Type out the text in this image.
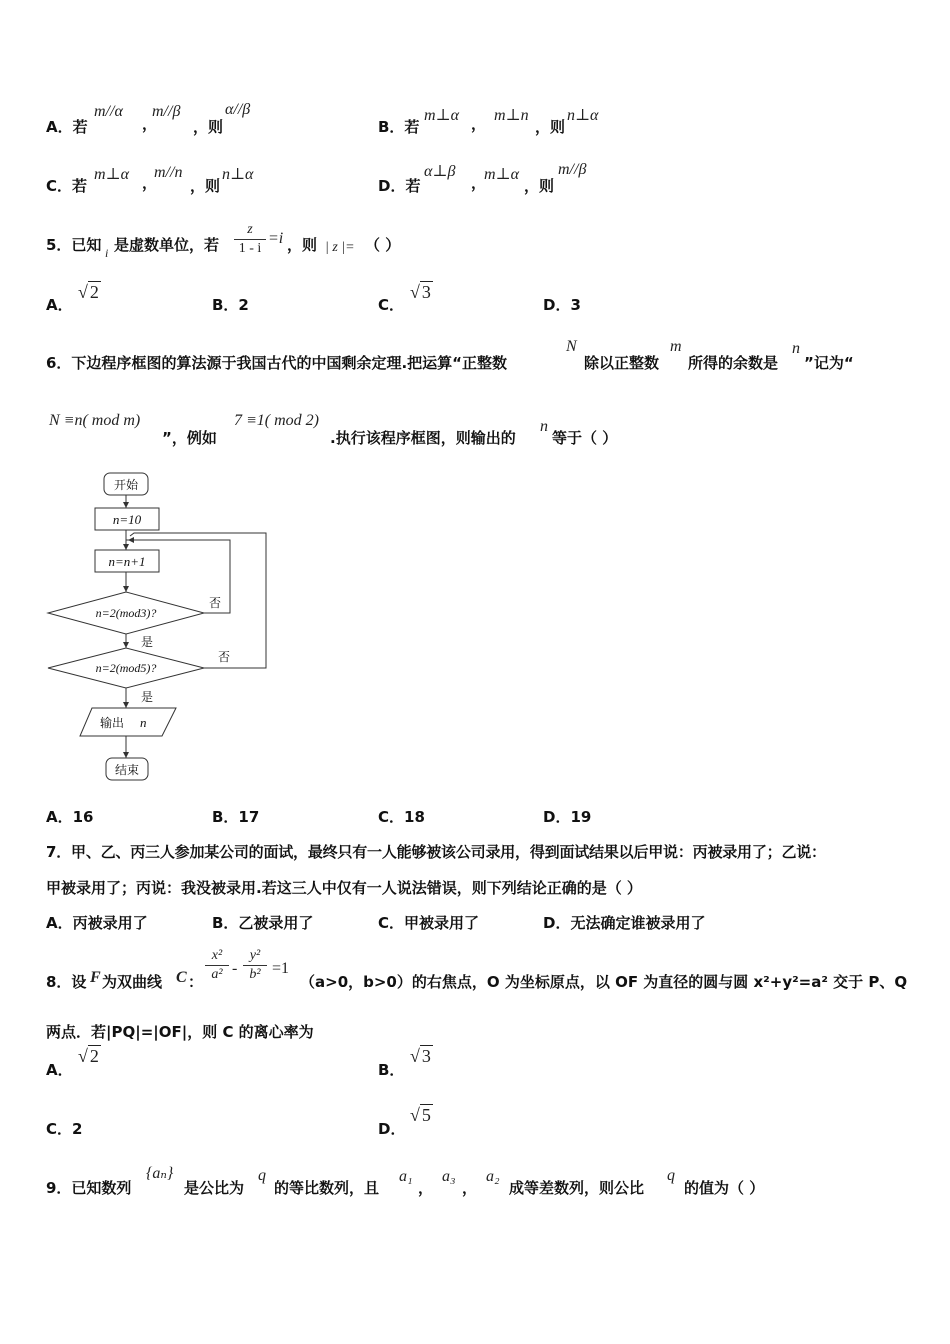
A．若
m//α
，
m//β
，则
α//β
B．若
m⊥α ， m⊥n
，则
n⊥α
C．若
m⊥α ，
m//n
，则
n⊥α
D．若
α⊥β
，
m⊥α
，则
m//β
5．已知 i 是虚数单位，若
z
1 - i
=i ，则 | z |= （ ）
A．
√ 2
B．2	C．
√ 3
D．3
6．下边程序框图的算法源于我国古代的中国剩余定理.把运算“正整数
N
除以正整数
m
所得的余数是
n
”记为“
N ≡n( mod m)
”，例如
7 ≡1( mod 2)
.执行该程序框图，则输出的
n
等于（ ）
开始
n=10
n=n+1
n=2(mod3)?
n=2(mod5)?
否
否
是
是
输出 n
结束
A．16	B．17	C．18	D．19
7．甲、乙、丙三人参加某公司的面试，最终只有一人能够被该公司录用，得到面试结果以后甲说：丙被录用了；乙说：
甲被录用了；丙说：我没被录用.若这三人中仅有一人说法错误，则下列结论正确的是（ ）
A．丙被录用了	B．乙被录用了	C．甲被录用了	D．无法确定谁被录用了
8．设 F 为双曲线 C ：
x²
a² -
y²
b² =1
（a>0，b>0）的右焦点，O 为坐标原点，以 OF 为直径的圆与圆 x²+y²=a² 交于 P、Q
两点．若|PQ|=|OF|，则 C 的离心率为
A．
√ 2
B．
√ 3
C．2	D．
√ 5
9．已知数列
{aₙ}
是公比为
q
的等比数列，且
a₁
，
a₃
，
a₂
成等差数列，则公比
q
的值为（ ）
